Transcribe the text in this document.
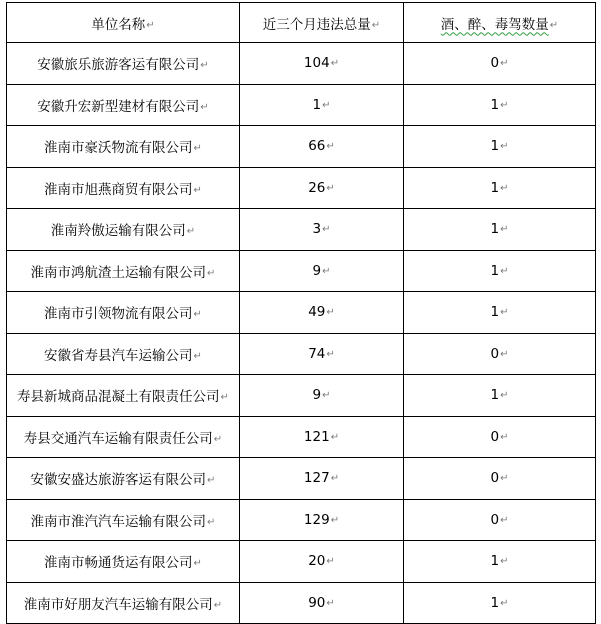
单位名称↵	近三个月违法总量↵	酒、醉、毒驾数量↵
安徽旅乐旅游客运有限公司↵	104↵	0↵
安徽升宏新型建材有限公司↵	1↵	1↵
淮南市豪沃物流有限公司↵	66↵	1↵
淮南市旭燕商贸有限公司↵	26↵	1↵
淮南羚傲运输有限公司↵	3↵	1↵
淮南市鸿航渣土运输有限公司↵	9↵	1↵
淮南市引领物流有限公司↵	49↵	1↵
安徽省寿县汽车运输公司↵	74↵	0↵
寿县新城商品混凝土有限责任公司↵	9↵	1↵
寿县交通汽车运输有限责任公司↵	121↵	0↵
安徽安盛达旅游客运有限公司↵	127↵	0↵
淮南市淮汽汽车运输有限公司↵	129↵	0↵
淮南市畅通货运有限公司↵	20↵	1↵
淮南市好朋友汽车运输有限公司↵	90↵	1↵
